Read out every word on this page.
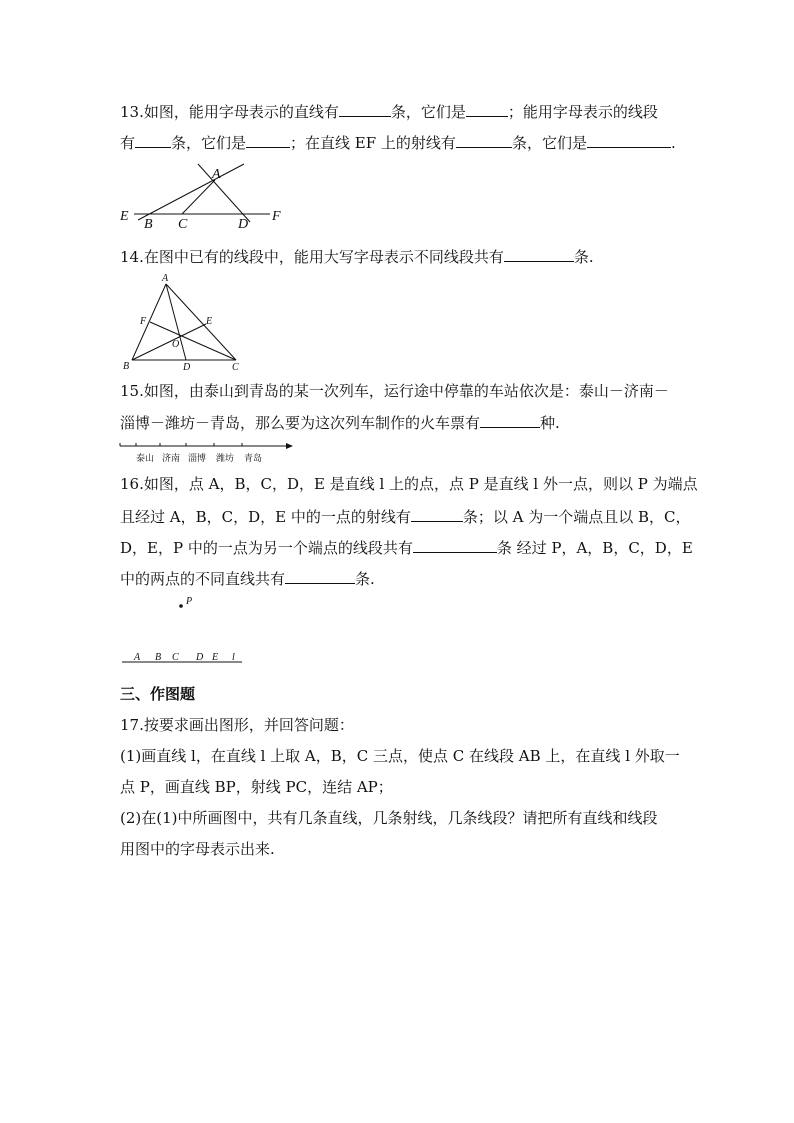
13.如图，能用字母表示的直线有	条，它们是	；能用字母表示的线段
有 条，它们是	；在直线 EF 上的射线有	条，它们是	.
E
B C
A
D
F
14.在图中已有的线段中，能用大写字母表示不同线段共有	条.
A
F	E
O
B	D	C
15.如图，由泰山到青岛的某一次列车，运行途中停靠的车站依次是：泰山－济南－
淄博－潍坊－青岛，那么要为这次列车制作的火车票有	种.
泰山 济南 淄博 潍坊 青岛
16.如图，点 A，B，C，D，E 是直线 l 上的点，点 P 是直线 l 外一点，则以 P 为端点
且经过 A，B，C，D，E 中的一点的射线有	条；以 A 为一个端点且以 B，C，
D，E，P 中的一点为另一个端点的线段共有	条 经过 P，A，B，C，D，E
中的两点的不同直线共有	条.
P
A B C D E l
三、作图题
17.按要求画出图形，并回答问题：
(1)画直线 l，在直线 l 上取 A，B，C 三点，使点 C 在线段 AB 上，在直线 l 外取一
点 P，画直线 BP，射线 PC，连结 AP；
(2)在(1)中所画图中，共有几条直线，几条射线，几条线段？请把所有直线和线段
用图中的字母表示出来.
